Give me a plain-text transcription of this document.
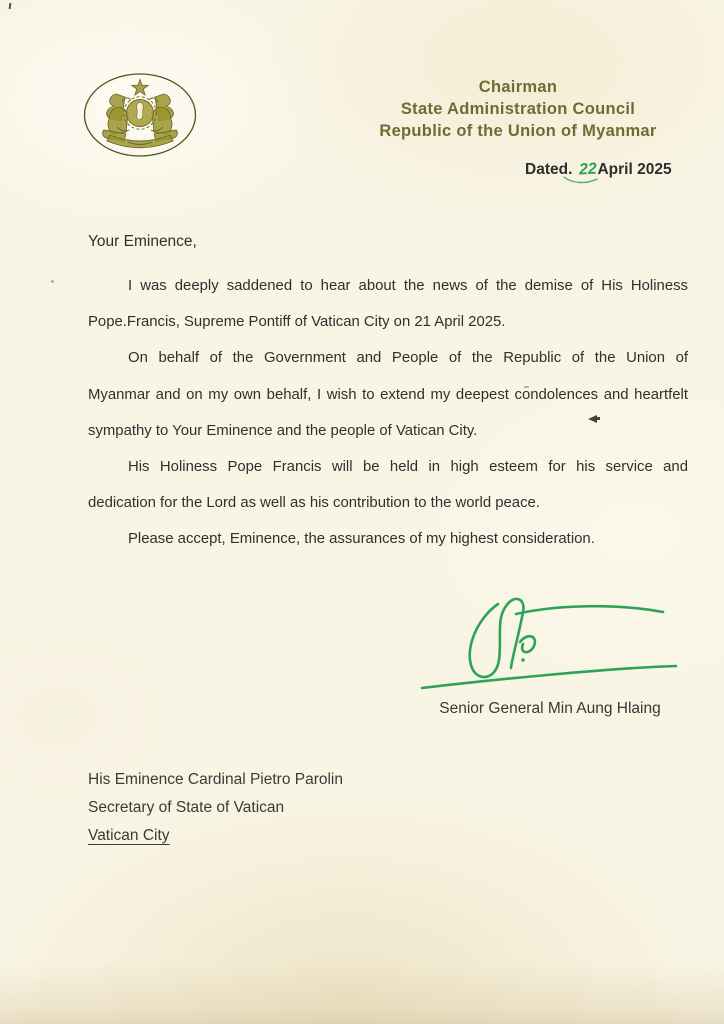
Chairman
State Administration Council
Republic of the Union of Myanmar
Dated. 22April 2025
Your Eminence,
I was deeply saddened to hear about the news of the demise of His Holiness
Pope.Francis, Supreme Pontiff of Vatican City on 21 April 2025.
On behalf of the Government and People of the Republic of the Union of
Myanmar and on my own behalf, I wish to extend my deepest condolences and heartfelt
sympathy to Your Eminence and the people of Vatican City.
His Holiness Pope Francis will be held in high esteem for his service and
dedication for the Lord as well as his contribution to the world peace.
Please accept, Eminence, the assurances of my highest consideration.
Senior General Min Aung Hlaing
His Eminence Cardinal Pietro Parolin
Secretary of State of Vatican
Vatican City
